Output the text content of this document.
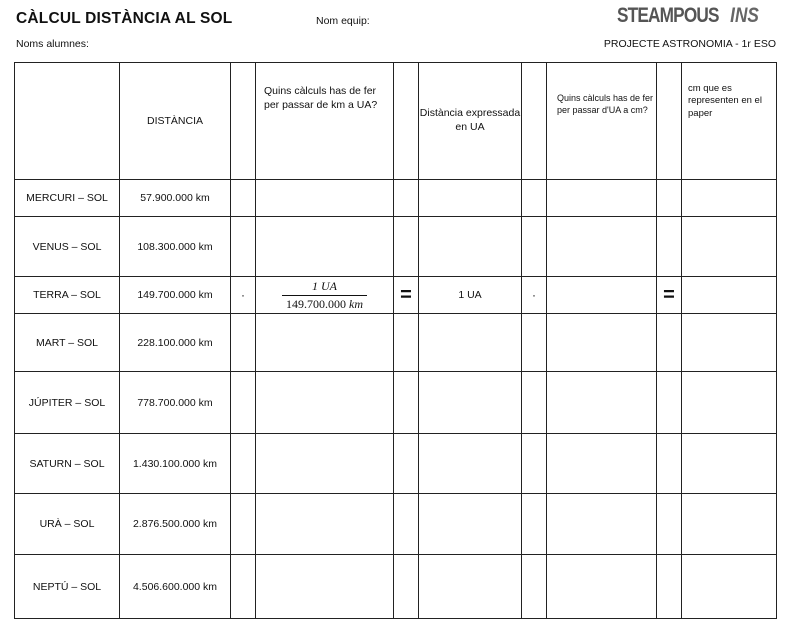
CÀLCUL DISTÀNCIA AL SOL	Nom equip:
Noms alumnes:	PROJECTE ASTRONOMIA - 1r ESO
STEAMPOUS INS
	DISTÀNCIA		Quins càlculs has de fer per passar de km a UA?		Distància expressada en UA		Quins càlculs has de fer per passar d'UA a cm?		cm que es representen en el paper

MERCURI – SOL	57.900.000 km								
VENUS – SOL	108.300.000 km								
TERRA – SOL	149.700.000 km	·	$\frac{1 UA}{149.700.000 km}$	=	1 UA	·		=	
MART – SOL	228.100.000 km								
JÚPITER – SOL	778.700.000 km								
SATURN – SOL	1.430.100.000 km								
URÀ – SOL	2.876.500.000 km								
NEPTÚ – SOL	4.506.600.000 km								
